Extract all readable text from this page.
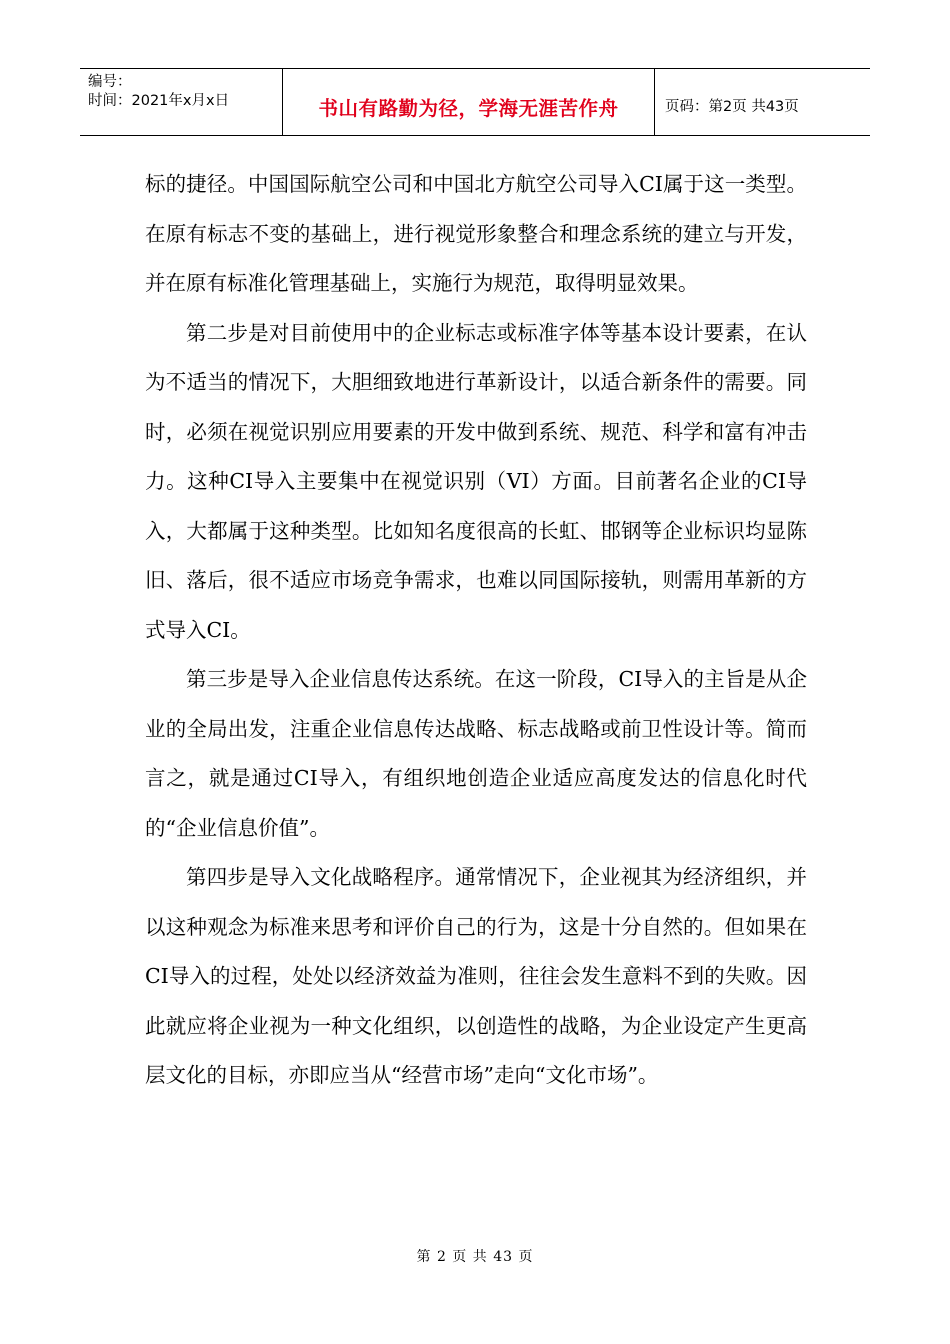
编号：
时间：2021年x月x日	书山有路勤为径，学海无涯苦作舟	页码：第2页 共43页

标的捷径。中国国际航空公司和中国北方航空公司导入CI属于这一类型。在原有标志不变的基础上，进行视觉形象整合和理念系统的建立与开发，并在原有标准化管理基础上，实施行为规范，取得明显效果。

第二步是对目前使用中的企业标志或标准字体等基本设计要素，在认为不适当的情况下，大胆细致地进行革新设计，以适合新条件的需要。同时，必须在视觉识别应用要素的开发中做到系统、规范、科学和富有冲击力。这种CI导入主要集中在视觉识别（VI）方面。目前著名企业的CI导入，大都属于这种类型。比如知名度很高的长虹、邯钢等企业标识均显陈旧、落后，很不适应市场竞争需求，也难以同国际接轨，则需用革新的方式导入CI。

第三步是导入企业信息传达系统。在这一阶段，CI导入的主旨是从企业的全局出发，注重企业信息传达战略、标志战略或前卫性设计等。简而言之，就是通过CI导入，有组织地创造企业适应高度发达的信息化时代的“企业信息价值”。

第四步是导入文化战略程序。通常情况下，企业视其为经济组织，并以这种观念为标准来思考和评价自己的行为，这是十分自然的。但如果在CI导入的过程，处处以经济效益为准则，往往会发生意料不到的失败。因此就应将企业视为一种文化组织，以创造性的战略，为企业设定产生更高层文化的目标，亦即应当从“经营市场”走向“文化市场”。

第 2 页 共 43 页
